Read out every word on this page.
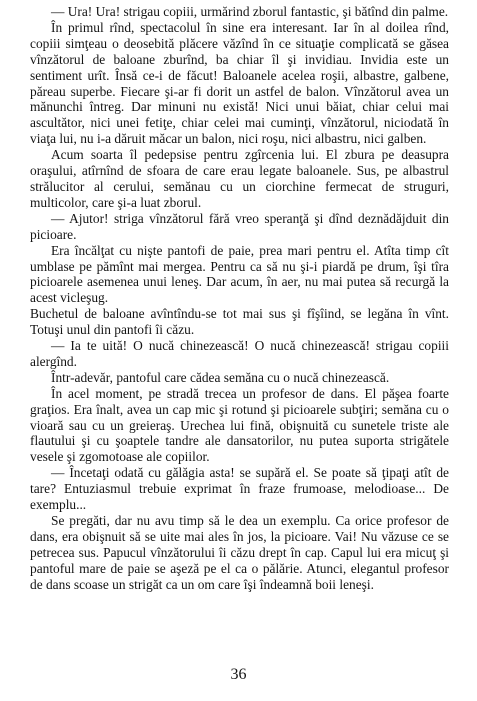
— Ura! Ura! strigau copiii, urmărind zborul fantastic, şi bătînd din palme.

În primul rînd, spectacolul în sine era interesant. Iar în al doilea rînd, copiii simţeau o deosebită plăcere văzînd în ce situaţie complicată se găsea vînzătorul de baloane zburînd, ba chiar îl şi invidiau. Invidia este un sentiment urît. Însă ce-i de făcut! Baloanele acelea roşii, albastre, galbene, păreau superbe. Fiecare şi-ar fi dorit un astfel de balon. Vînzătorul avea un mănunchi întreg. Dar minuni nu există! Nici unui băiat, chiar celui mai ascultător, nici unei fetiţe, chiar celei mai cuminţi, vînzătorul, niciodată în viaţa lui, nu i-a dăruit măcar un balon, nici roşu, nici albastru, nici galben.

Acum soarta îl pedepsise pentru zgîrcenia lui. El zbura pe deasupra oraşului, atîrnînd de sfoara de care erau legate baloanele. Sus, pe albastrul strălucitor al cerului, semănau cu un ciorchine fermecat de struguri, multicolor, care şi-a luat zborul.

— Ajutor! striga vînzătorul fără vreo speranţă şi dînd deznădăjduit din picioare.

Era încălţat cu nişte pantofi de paie, prea mari pentru el. Atîta timp cît umblase pe pămînt mai mergea. Pentru ca să nu şi-i piardă pe drum, îşi tîra picioarele asemenea unui leneş. Dar acum, în aer, nu mai putea să recurgă la acest vicleşug.

Buchetul de baloane avîntîndu-se tot mai sus şi fîşîind, se legăna în vînt. Totuşi unul din pantofi îi căzu.

— Ia te uită! O nucă chinezească! O nucă chinezească! strigau copiii alergînd.

Într-adevăr, pantoful care cădea semăna cu o nucă chinezească.

În acel moment, pe stradă trecea un profesor de dans. El păşea foarte graţios. Era înalt, avea un cap mic şi rotund şi picioarele subţiri; semăna cu o vioară sau cu un greieraş. Urechea lui fină, obişnuită cu sunetele triste ale flautului şi cu şoaptele tandre ale dansatorilor, nu putea suporta strigătele vesele şi zgomotoase ale copiilor.

— Încetaţi odată cu gălăgia asta! se supără el. Se poate să ţipaţi atît de tare? Entuziasmul trebuie exprimat în fraze frumoase, melodioase... De exemplu...

Se pregăti, dar nu avu timp să le dea un exemplu. Ca orice profesor de dans, era obişnuit să se uite mai ales în jos, la picioare. Vai! Nu văzuse ce se petrecea sus. Papucul vînzătorului îi căzu drept în cap. Capul lui era micuţ şi pantoful mare de paie se aşeză pe el ca o pălărie. Atunci, elegantul profesor de dans scoase un strigăt ca un om care îşi îndeamnă boii leneşi.

36
